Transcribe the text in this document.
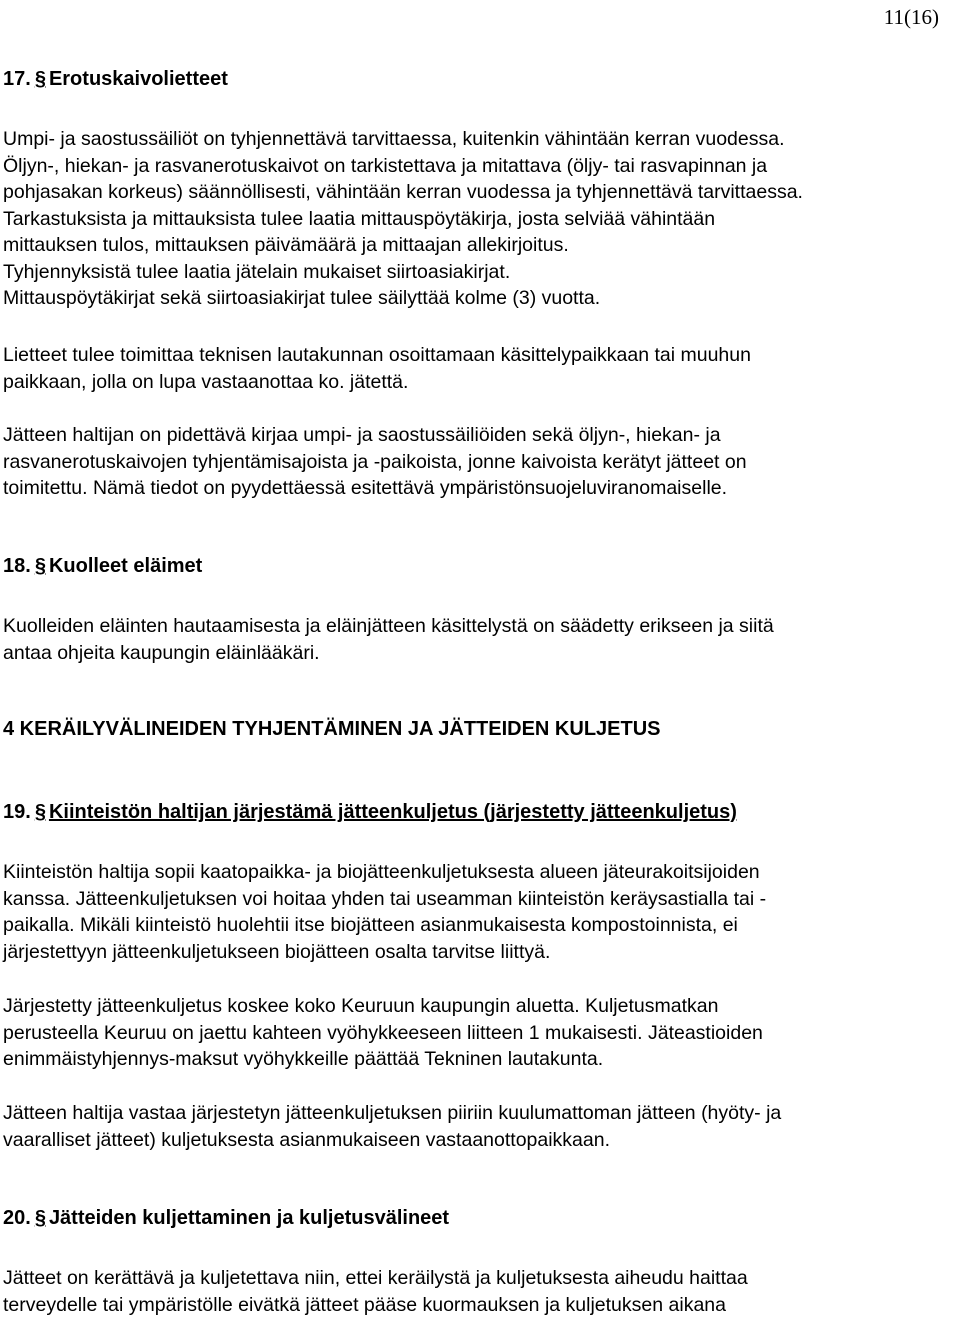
11(16)
17. § Erotuskaivolietteet
Umpi- ja saostussäiliöt on tyhjennettävä tarvittaessa, kuitenkin vähintään kerran vuodessa.
Öljyn-, hiekan- ja rasvanerotuskaivot on tarkistettava ja mitattava (öljy- tai rasvapinnan ja
pohjasakan korkeus) säännöllisesti, vähintään kerran vuodessa ja tyhjennettävä tarvittaessa.
Tarkastuksista ja mittauksista tulee laatia mittauspöytäkirja, josta selviää vähintään
mittauksen tulos, mittauksen päivämäärä ja mittaajan allekirjoitus.
Tyhjennyksistä tulee laatia jätelain mukaiset siirtoasiakirjat.
Mittauspöytäkirjat sekä siirtoasiakirjat tulee säilyttää kolme (3) vuotta.
Lietteet tulee toimittaa teknisen lautakunnan osoittamaan käsittelypaikkaan tai muuhun
paikkaan, jolla on lupa vastaanottaa ko. jätettä.
Jätteen haltijan on pidettävä kirjaa umpi- ja saostussäiliöiden sekä öljyn-, hiekan- ja
rasvanerotuskaivojen tyhjentämisajoista ja -paikoista, jonne kaivoista kerätyt jätteet on
toimitettu. Nämä tiedot on pyydettäessä esitettävä ympäristönsuojeluviranomaiselle.
18. § Kuolleet eläimet
Kuolleiden eläinten hautaamisesta ja eläinjätteen käsittelystä on säädetty erikseen ja siitä
antaa ohjeita kaupungin eläinlääkäri.
4 KERÄILYVÄLINEIDEN TYHJENTÄMINEN JA JÄTTEIDEN KULJETUS
19. § Kiinteistön haltijan järjestämä jätteenkuljetus (järjestetty jätteenkuljetus)
Kiinteistön haltija sopii kaatopaikka- ja biojätteenkuljetuksesta alueen jäteurakoitsijoiden
kanssa. Jätteenkuljetuksen voi hoitaa yhden tai useamman kiinteistön keräysastialla tai -
paikalla. Mikäli kiinteistö huolehtii itse biojätteen asianmukaisesta kompostoinnista, ei
järjestettyyn jätteenkuljetukseen biojätteen osalta tarvitse liittyä.
Järjestetty jätteenkuljetus koskee koko Keuruun kaupungin aluetta. Kuljetusmatkan
perusteella Keuruu on jaettu kahteen vyöhykkeeseen liitteen 1 mukaisesti. Jäteastioiden
enimmäistyhjennys-maksut vyöhykkeille päättää Tekninen lautakunta.
Jätteen haltija vastaa järjestetyn jätteenkuljetuksen piiriin kuulumattoman jätteen (hyöty- ja
vaaralliset jätteet) kuljetuksesta asianmukaiseen vastaanottopaikkaan.
20. § Jätteiden kuljettaminen ja kuljetusvälineet
Jätteet on kerättävä ja kuljetettava niin, ettei keräilystä ja kuljetuksesta aiheudu haittaa
terveydelle tai ympäristölle eivätkä jätteet pääse kuormauksen ja kuljetuksen aikana
